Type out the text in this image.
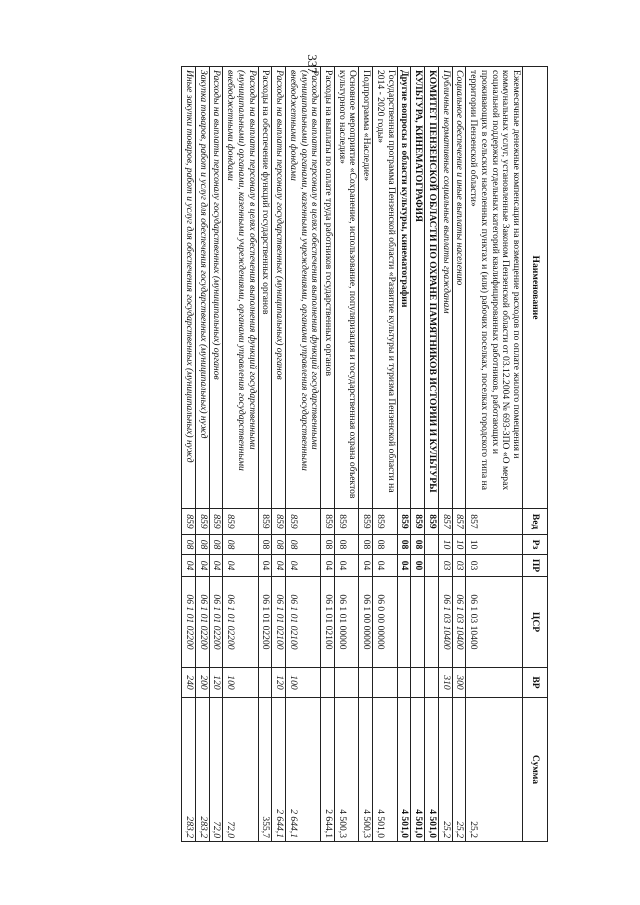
337
Наименование	Вед	Рз	ПР	ЦСР	ВР	Сумма
Ежемесячные денежные компенсации на возмещение расходов по оплате жилого помещения и коммунальных услуг, установленные Законом Пензенской области от 03.12.2004 № 693-ЗПО «О мерах социальной поддержки отдельных категорий квалифицированных работников, работающих и проживающих в сельских населенных пунктах и (или) рабочих поселках, поселках городского типа на территории Пензенской области»	857	10	03	06 1 03 10400		25,2
Социальное обеспечение и иные выплаты населению	857	10	03	06 1 03 10400	300	25,2
Публичные нормативные социальные выплаты гражданам	857	10	03	06 1 03 10400	310	25,2
КОМИТЕТ ПЕНЗЕНСКОЙ ОБЛАСТИ ПО ОХРАНЕ ПАМЯТНИКОВ ИСТОРИИ И КУЛЬТУРЫ	859					4 501,0
КУЛЬТУРА, КИНЕМАТОГРАФИЯ	859	08	00			4 501,0
Другие вопросы в области культуры, кинематографии	859	08	04			4 501,0
Государственная программа Пензенской области «Развитие культуры и туризма Пензенской области на 2014 - 2020 годы»	859	08	04	06 0 00 00000		4 501,0
Подпрограмма «Наследие»	859	08	04	06 1 00 00000		4 500,3
Основное мероприятие «Сохранение, использование, популяризация и государственная охрана объектов культурного наследия»	859	08	04	06 1 01 00000		4 500,3
Расходы на выплаты по оплате труда работников государственных органов	859	08	04	06 1 01 02100		2 644,1
Расходы на выплаты персоналу в целях обеспечения выполнения функций государственными (муниципальными) органами, казенными учреждениями, органами управления государственными внебюджетными фондами	859	08	04	06 1 01 02100	100	2 644,1
Расходы на выплаты персоналу государственных (муниципальных) органов	859	08	04	06 1 01 02100	120	2 644,1
Расходы на обеспечение функций государственных органов	859	08	04	06 1 01 02200		355,7
Расходы на выплаты персоналу в целях обеспечения выполнения функций государственными (муниципальными) органами, казенными учреждениями, органами управления государственными внебюджетными фондами	859	08	04	06 1 01 02200	100	72,0
Расходы на выплаты персоналу государственных (муниципальных) органов	859	08	04	06 1 01 02200	120	72,0
Закупка товаров, работ и услуг для обеспечения государственных (муниципальных) нужд	859	08	04	06 1 01 02200	200	283,2
Иные закупки товаров, работ и услуг для обеспечения государственных (муниципальных) нужд	859	08	04	06 1 01 02200	240	283,2
